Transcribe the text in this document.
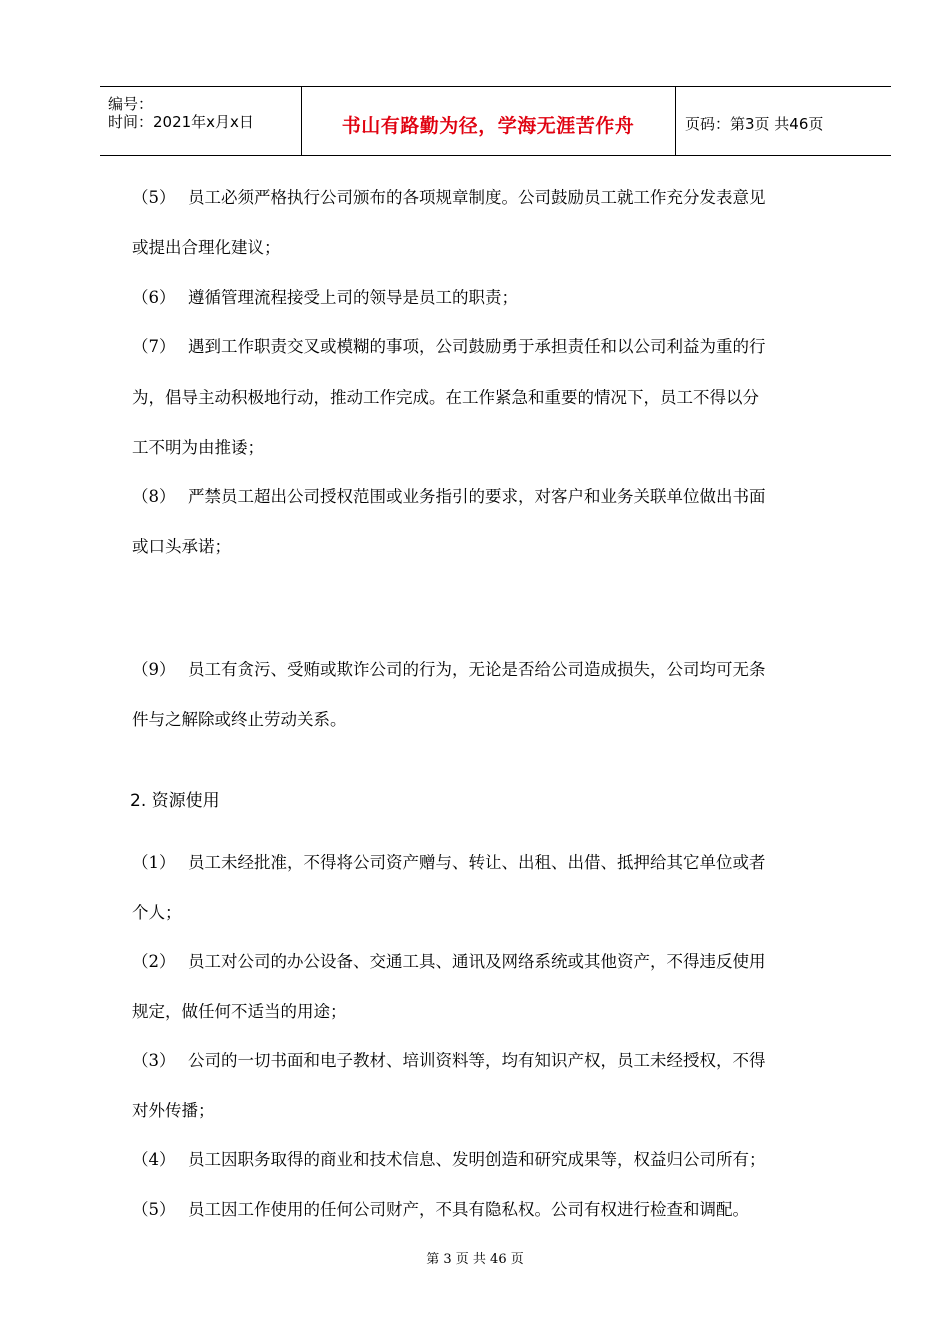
编号：
时间：2021年x月x日	书山有路勤为径，学海无涯苦作舟	页码：第3页 共46页
（5） 员工必须严格执行公司颁布的各项规章制度。公司鼓励员工就工作充分发表意见
或提出合理化建议；
（6） 遵循管理流程接受上司的领导是员工的职责；
（7） 遇到工作职责交叉或模糊的事项，公司鼓励勇于承担责任和以公司利益为重的行
为，倡导主动积极地行动，推动工作完成。在工作紧急和重要的情况下，员工不得以分
工不明为由推诿；
（8） 严禁员工超出公司授权范围或业务指引的要求，对客户和业务关联单位做出书面
或口头承诺；
（9） 员工有贪污、受贿或欺诈公司的行为，无论是否给公司造成损失，公司均可无条
件与之解除或终止劳动关系。
2. 资源使用
（1） 员工未经批准，不得将公司资产赠与、转让、出租、出借、抵押给其它单位或者
个人；
（2） 员工对公司的办公设备、交通工具、通讯及网络系统或其他资产，不得违反使用
规定，做任何不适当的用途；
（3） 公司的一切书面和电子教材、培训资料等，均有知识产权，员工未经授权，不得
对外传播；
（4） 员工因职务取得的商业和技术信息、发明创造和研究成果等，权益归公司所有；
（5） 员工因工作使用的任何公司财产，不具有隐私权。公司有权进行检查和调配。
第 3 页 共 46 页
